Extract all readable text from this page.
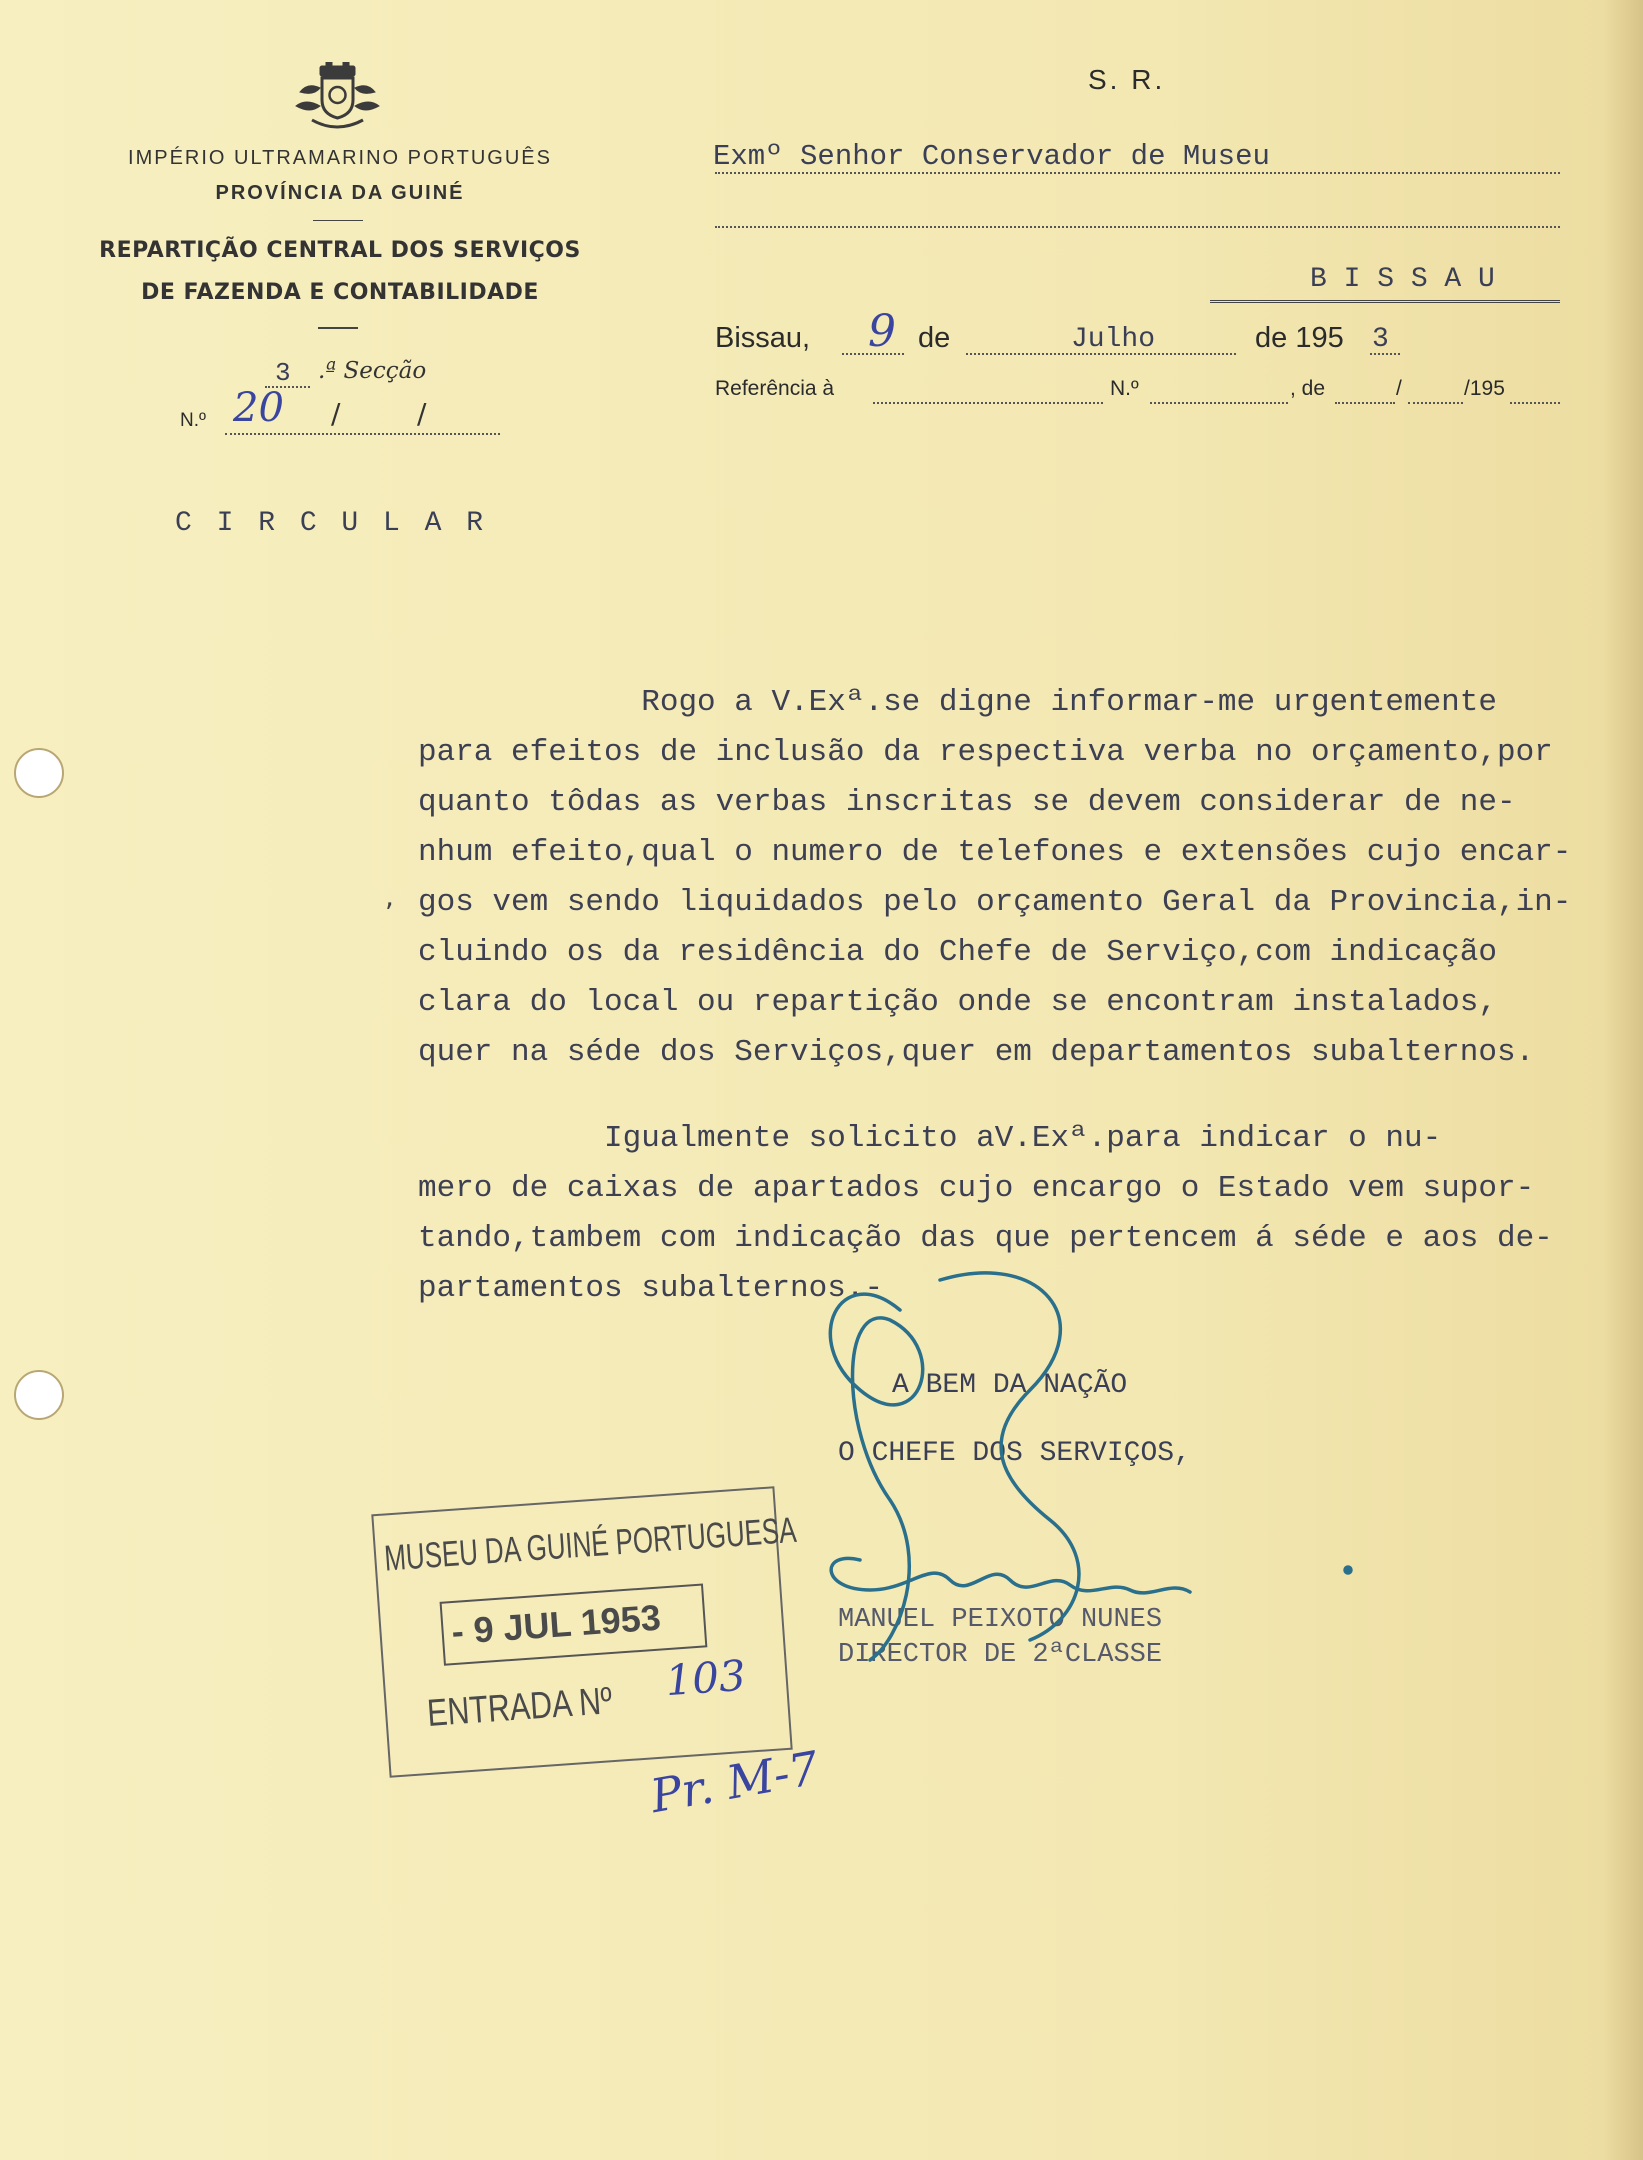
IMPÉRIO ULTRAMARINO PORTUGUÊS
PROVÍNCIA DA GUINÉ
REPARTIÇÃO CENTRAL DOS SERVIÇOS
DE FAZENDA E CONTABILIDADE
3	.ª Secção
N.º 20 /	/
C I R C U L A R
S. R.
Exmº Senhor Conservador de Museu
B I S S A U
Bissau, 9 de	Julho	de 195 3
Referência à	N.º	, de	/	/195
Rogo a V.Exª.se digne informar-me urgentemente
para efeitos de inclusão da respectiva verba no orçamento,por
quanto tôdas as verbas inscritas se devem considerar de ne-
nhum efeito,qual o numero de telefones e extensões cujo encar-
gos vem sendo liquidados pelo orçamento Geral da Provincia,in-
cluindo os da residência do Chefe de Serviço,com indicação
clara do local ou repartição onde se encontram instalados,
quer na séde dos Serviços,quer em departamentos subalternos.
,
Igualmente solicito aV.Exª.para indicar o nu-
mero de caixas de apartados cujo encargo o Estado vem supor-
tando,tambem com indicação das que pertencem á séde e aos de-
partamentos subalternos.-
A BEM DA NAÇÃO
O CHEFE DOS SERVIÇOS,
MANUEL PEIXOTO NUNES
DIRECTOR DE 2ªCLASSE
MUSEU DA GUINÉ PORTUGUESA
- 9 JUL 1953
ENTRADA Nº
103
Pr. M-7
